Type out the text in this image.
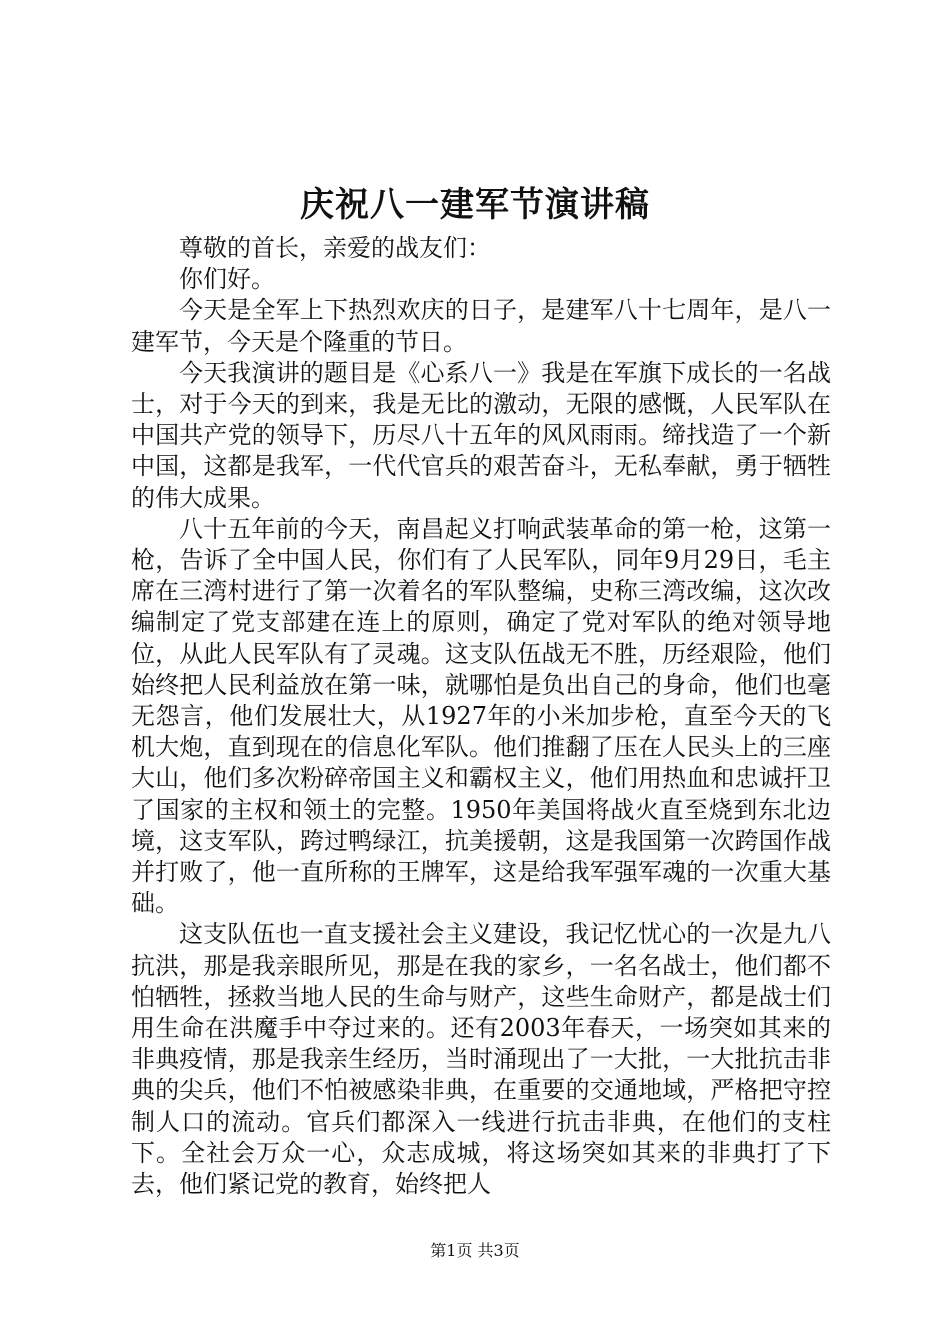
庆祝八一建军节演讲稿

尊敬的首长，亲爱的战友们：

你们好。

今天是全军上下热烈欢庆的日子，是建军八十七周年，是八一建军节，今天是个隆重的节日。

今天我演讲的题目是《心系八一》我是在军旗下成长的一名战士，对于今天的到来，我是无比的激动，无限的感慨，人民军队在中国共产党的领导下，历尽八十五年的风风雨雨。缔找造了一个新中国，这都是我军，一代代官兵的艰苦奋斗，无私奉献，勇于牺牲的伟大成果。

八十五年前的今天，南昌起义打响武装革命的第一枪，这第一枪，告诉了全中国人民，你们有了人民军队，同年9月29日，毛主席在三湾村进行了第一次着名的军队整编，史称三湾改编，这次改编制定了党支部建在连上的原则，确定了党对军队的绝对领导地位，从此人民军队有了灵魂。这支队伍战无不胜，历经艰险，他们始终把人民利益放在第一味，就哪怕是负出自己的身命，他们也毫无怨言，他们发展壮大，从1927年的小米加步枪，直至今天的飞机大炮，直到现在的信息化军队。他们推翻了压在人民头上的三座大山，他们多次粉碎帝国主义和霸权主义，他们用热血和忠诚扞卫了国家的主权和领土的完整。1950年美国将战火直至烧到东北边境，这支军队，跨过鸭绿江，抗美援朝，这是我国第一次跨国作战并打败了，他一直所称的王牌军，这是给我军强军魂的一次重大基础。

这支队伍也一直支援社会主义建设，我记忆忧心的一次是九八抗洪，那是我亲眼所见，那是在我的家乡，一名名战士，他们都不怕牺牲，拯救当地人民的生命与财产，这些生命财产，都是战士们用生命在洪魔手中夺过来的。还有2003年春天，一场突如其来的非典疫情，那是我亲生经历，当时涌现出了一大批，一大批抗击非典的尖兵，他们不怕被感染非典，在重要的交通地域，严格把守控制人口的流动。官兵们都深入一线进行抗击非典，在他们的支柱下。全社会万众一心，众志成城，将这场突如其来的非典打了下去，他们紧记党的教育，始终把人

第1页 共3页
